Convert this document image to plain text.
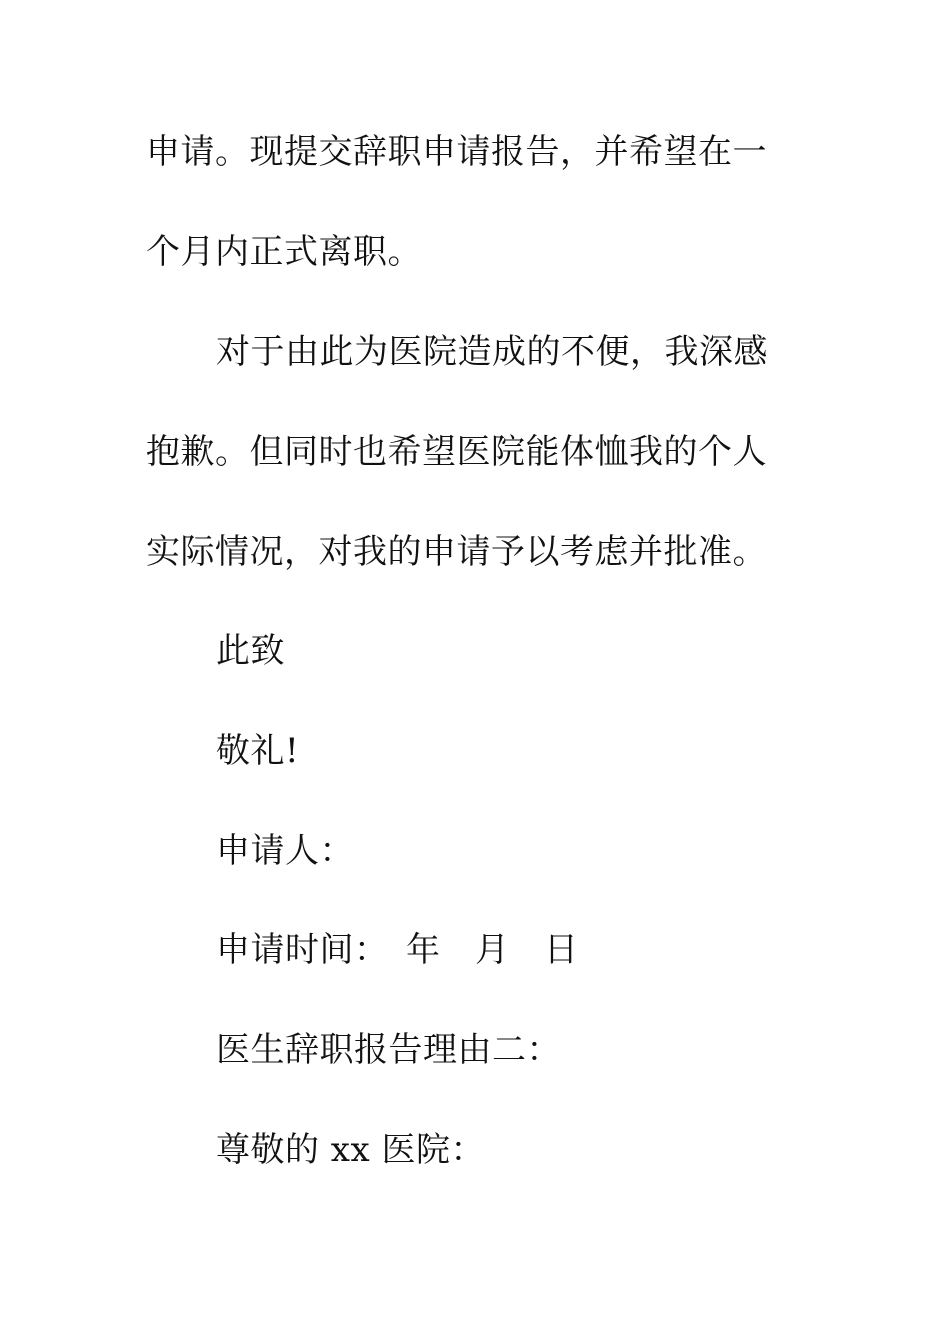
申请。现提交辞职申请报告，并希望在一
个月内正式离职。
对于由此为医院造成的不便，我深感
抱歉。但同时也希望医院能体恤我的个人
实际情况，对我的申请予以考虑并批准。
此致
敬礼!
申请人：
申请时间：　年　月　日
医生辞职报告理由二：
尊敬的 xx 医院：
